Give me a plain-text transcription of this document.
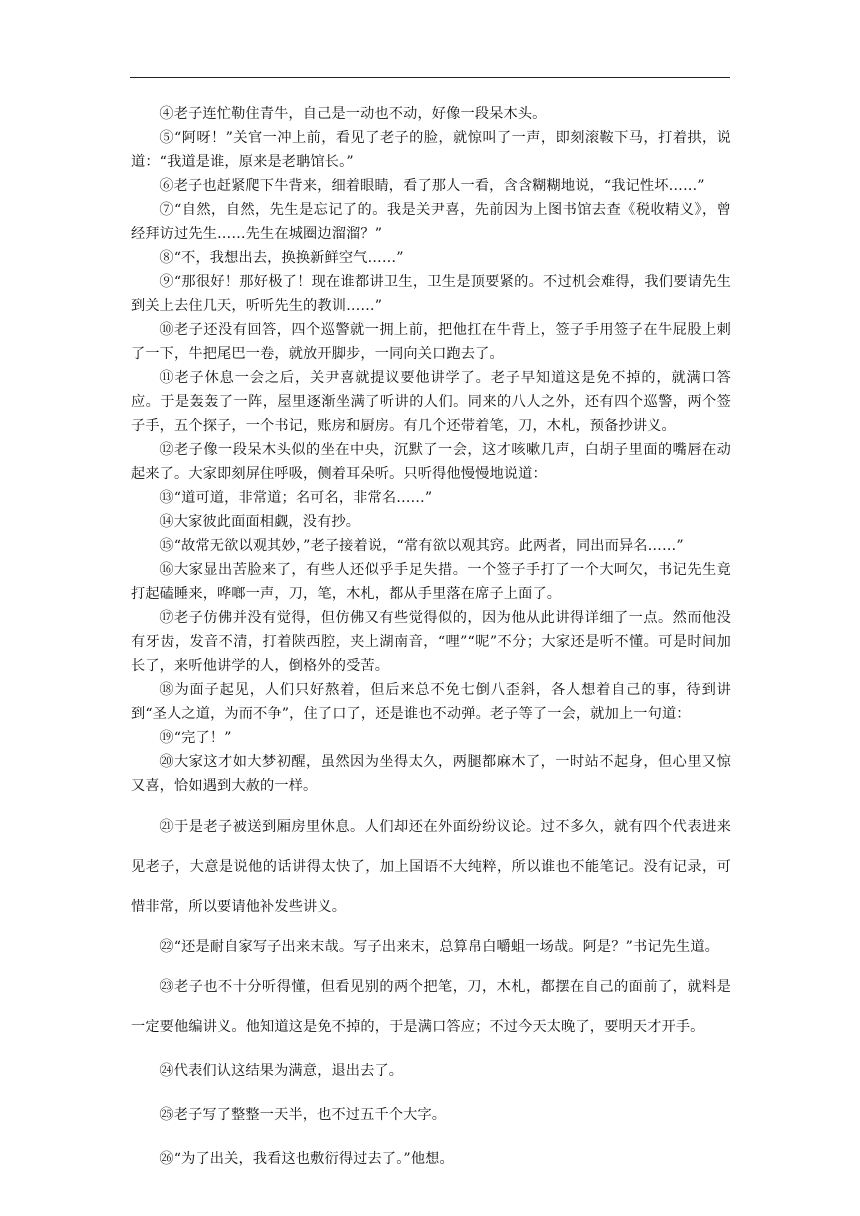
④老子连忙勒住青牛，自己是一动也不动，好像一段呆木头。

⑤“阿呀！”关官一冲上前，看见了老子的脸，就惊叫了一声，即刻滚鞍下马，打着拱，说道：“我道是谁，原来是老聃馆长。”

⑥老子也赶紧爬下牛背来，细着眼睛，看了那人一看，含含糊糊地说，“我记性坏……”

⑦“自然，自然，先生是忘记了的。我是关尹喜，先前因为上图书馆去查《税收精义》，曾经拜访过先生……先生在城圈边溜溜？”

⑧“不，我想出去，换换新鲜空气……”

⑨“那很好！那好极了！现在谁都讲卫生，卫生是顶要紧的。不过机会难得，我们要请先生到关上去住几天，听听先生的教训……”

⑩老子还没有回答，四个巡警就一拥上前，把他扛在牛背上，签子手用签子在牛屁股上刺了一下，牛把尾巴一卷，就放开脚步，一同向关口跑去了。

⑪老子休息一会之后，关尹喜就提议要他讲学了。老子早知道这是免不掉的，就满口答应。于是轰轰了一阵，屋里逐渐坐满了听讲的人们。同来的八人之外，还有四个巡警，两个签子手，五个探子，一个书记，账房和厨房。有几个还带着笔，刀，木札，预备抄讲义。

⑫老子像一段呆木头似的坐在中央，沉默了一会，这才咳嗽几声，白胡子里面的嘴唇在动起来了。大家即刻屏住呼吸，侧着耳朵听。只听得他慢慢地说道：

⑬“道可道，非常道；名可名，非常名……”

⑭大家彼此面面相觑，没有抄。

⑮“故常无欲以观其妙，”老子接着说，“常有欲以观其窍。此两者，同出而异名……”

⑯大家显出苦脸来了，有些人还似乎手足失措。一个签子手打了一个大呵欠，书记先生竟打起磕睡来，哗啷一声，刀，笔，木札，都从手里落在席子上面了。

⑰老子仿佛并没有觉得，但仿佛又有些觉得似的，因为他从此讲得详细了一点。然而他没有牙齿，发音不清，打着陕西腔，夹上湖南音，“哩”“呢”不分；大家还是听不懂。可是时间加长了，来听他讲学的人，倒格外的受苦。

⑱为面子起见，人们只好熬着，但后来总不免七倒八歪斜，各人想着自己的事，待到讲到“圣人之道，为而不争”，住了口了，还是谁也不动弹。老子等了一会，就加上一句道：

⑲“完了！”

⑳大家这才如大梦初醒，虽然因为坐得太久，两腿都麻木了，一时站不起身，但心里又惊又喜，恰如遇到大赦的一样。

㉑于是老子被送到厢房里休息。人们却还在外面纷纷议论。过不多久，就有四个代表进来见老子，大意是说他的话讲得太快了，加上国语不大纯粹，所以谁也不能笔记。没有记录，可惜非常，所以要请他补发些讲义。

㉒“还是耐自家写子出来末哉。写子出来末，总算帛白嚼蛆一场哉。阿是？”书记先生道。

㉓老子也不十分听得懂，但看见别的两个把笔，刀，木札，都摆在自己的面前了，就料是一定要他编讲义。他知道这是免不掉的，于是满口答应；不过今天太晚了，要明天才开手。

㉔代表们认这结果为满意，退出去了。

㉕老子写了整整一天半，也不过五千个大字。

㉖“为了出关，我看这也敷衍得过去了。”他想。
